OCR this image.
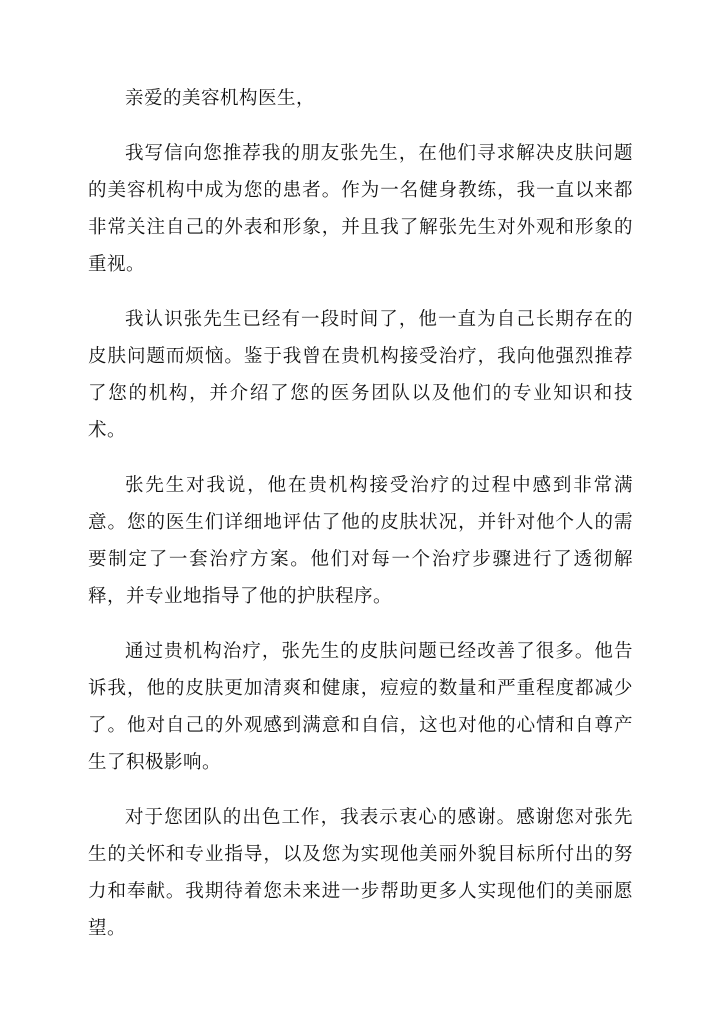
亲爱的美容机构医生，

我写信向您推荐我的朋友张先生，在他们寻求解决皮肤问题的美容机构中成为您的患者。作为一名健身教练，我一直以来都非常关注自己的外表和形象，并且我了解张先生对外观和形象的重视。

我认识张先生已经有一段时间了，他一直为自己长期存在的皮肤问题而烦恼。鉴于我曾在贵机构接受治疗，我向他强烈推荐了您的机构，并介绍了您的医务团队以及他们的专业知识和技术。

张先生对我说，他在贵机构接受治疗的过程中感到非常满意。您的医生们详细地评估了他的皮肤状况，并针对他个人的需要制定了一套治疗方案。他们对每一个治疗步骤进行了透彻解释，并专业地指导了他的护肤程序。

通过贵机构治疗，张先生的皮肤问题已经改善了很多。他告诉我，他的皮肤更加清爽和健康，痘痘的数量和严重程度都减少了。他对自己的外观感到满意和自信，这也对他的心情和自尊产生了积极影响。

对于您团队的出色工作，我表示衷心的感谢。感谢您对张先生的关怀和专业指导，以及您为实现他美丽外貌目标所付出的努力和奉献。我期待着您未来进一步帮助更多人实现他们的美丽愿望。
